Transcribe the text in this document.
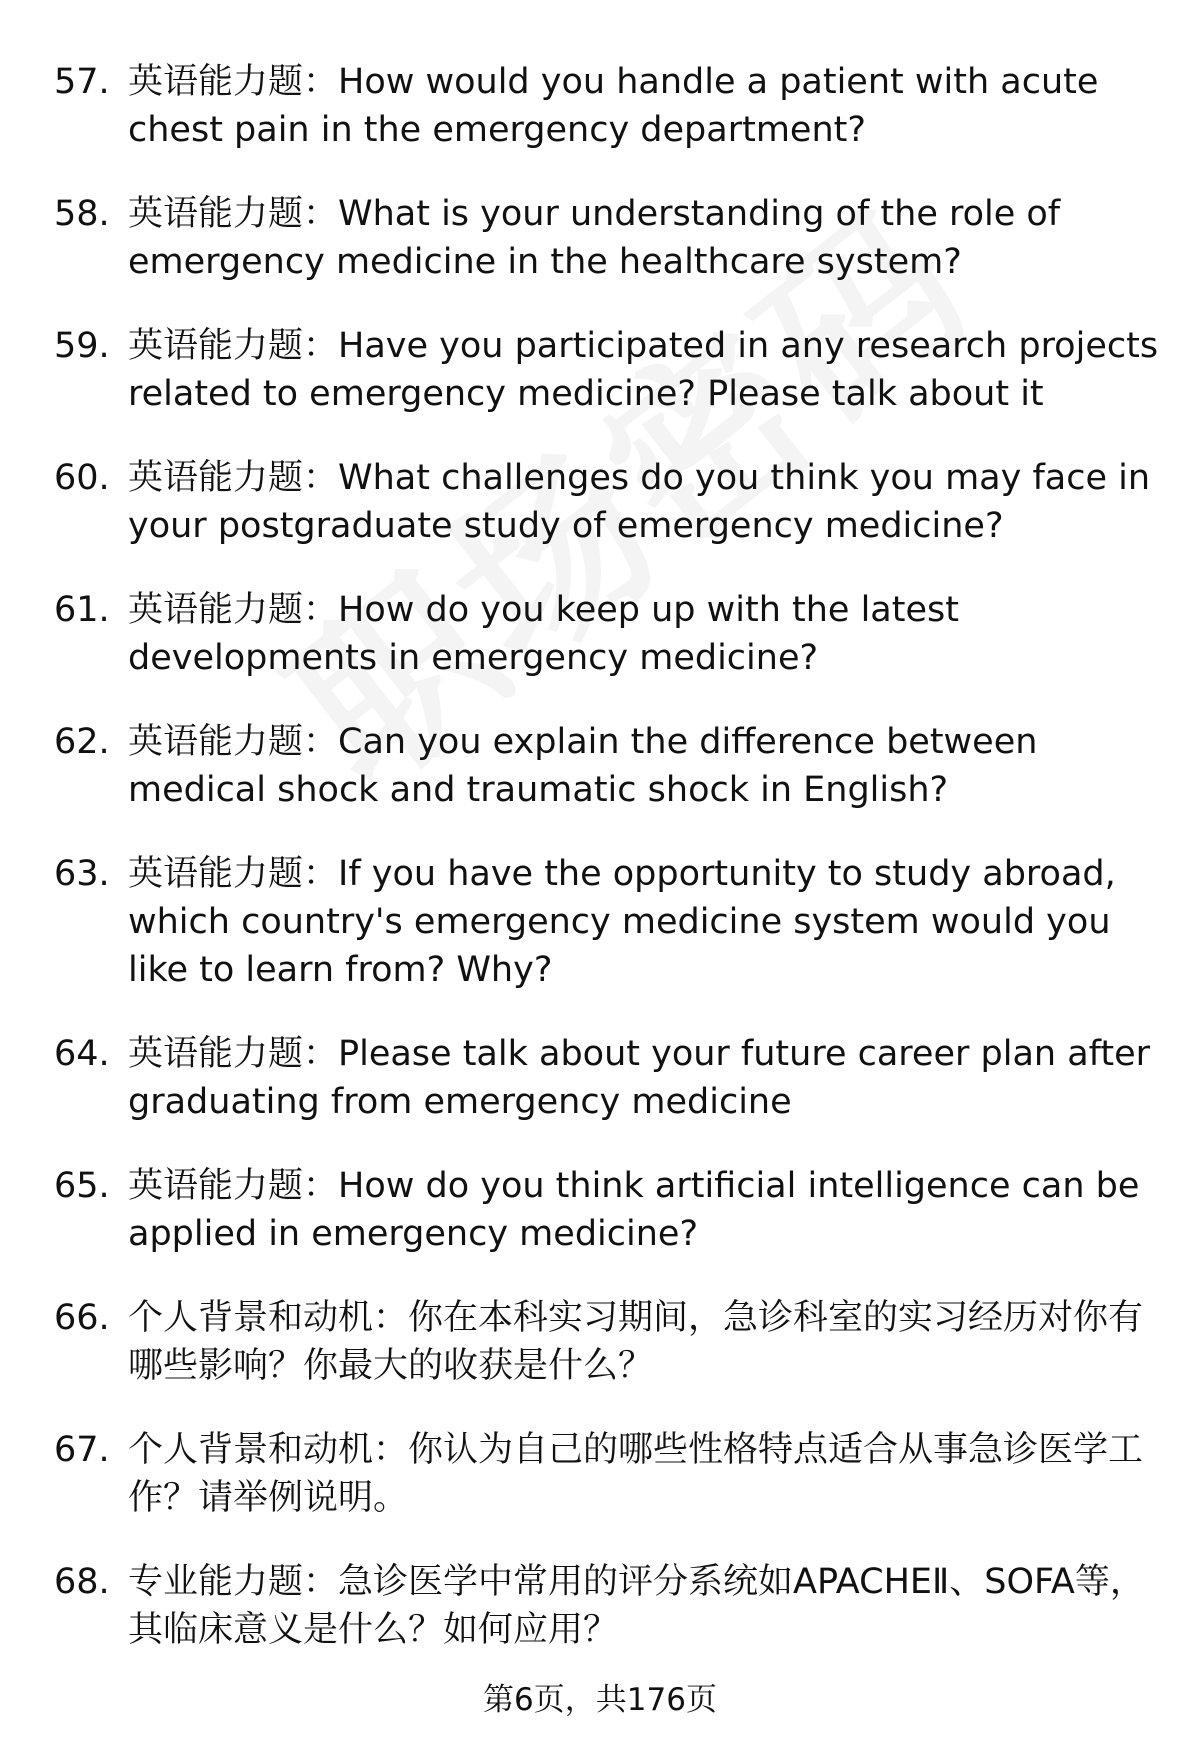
57. 英语能力题：How would you handle a patient with acute chest pain in the emergency department?
58. 英语能力题：What is your understanding of the role of emergency medicine in the healthcare system?
59. 英语能力题：Have you participated in any research projects related to emergency medicine? Please talk about it
60. 英语能力题：What challenges do you think you may face in your postgraduate study of emergency medicine?
61. 英语能力题：How do you keep up with the latest developments in emergency medicine?
62. 英语能力题：Can you explain the difference between medical shock and traumatic shock in English?
63. 英语能力题：If you have the opportunity to study abroad, which country's emergency medicine system would you like to learn from? Why?
64. 英语能力题：Please talk about your future career plan after graduating from emergency medicine
65. 英语能力题：How do you think artificial intelligence can be applied in emergency medicine?
66. 个人背景和动机：你在本科实习期间，急诊科室的实习经历对你有哪些影响？你最大的收获是什么？
67. 个人背景和动机：你认为自己的哪些性格特点适合从事急诊医学工作？请举例说明。
68. 专业能力题：急诊医学中常用的评分系统如APACHEⅡ、SOFA等，其临床意义是什么？如何应用？
第6页，共176页
